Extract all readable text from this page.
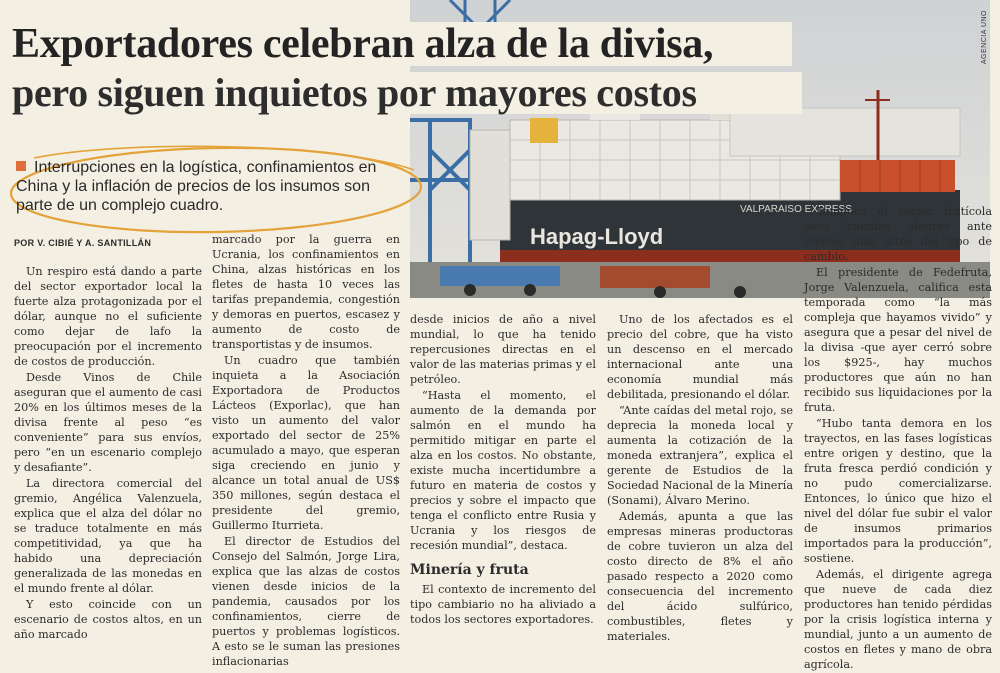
Hapag-Lloyd
VALPARAISO EXPRESS
AGENCIA UNO
Exportadores celebran alza de la divisa,
pero siguen inquietos por mayores costos
Interrupciones en la logística, confinamientos en China y la inflación de precios de los insumos son parte de un complejo cuadro.
POR V. CIBIÉ Y A. SANTILLÁN

Un respiro está dando a parte del sector exportador local la fuerte alza protagonizada por el dólar, aunque no el suficiente como dejar de lafo la preocupación por el incremento de costos de producción.

Desde Vinos de Chile aseguran que el aumento de casi 20% en los últimos meses de la divisa frente al peso “es conveniente” para sus envíos, pero “en un escenario complejo y desafiante”.

La directora comercial del gremio, Angélica Valenzuela, explica que el alza del dólar no se traduce totalmente en más competitividad, ya que ha habido una depreciación generalizada de las monedas en el mundo frente al dólar.

Y esto coincide con un escenario de costos altos, en un año marcado

marcado por la guerra en Ucrania, los confinamientos en China, alzas históricas en los fletes de hasta 10 veces las tarifas prepandemia, congestión y demoras en puertos, escasez y aumento de costo de transportistas y de insumos.

Un cuadro que también inquieta a la Asociación Exportadora de Productos Lácteos (Exporlac), que han visto un aumento del valor exportado del sector de 25% acumulado a mayo, que esperan siga creciendo en junio y alcance un total anual de US$ 350 millones, según destaca el presidente del gremio, Guillermo Iturrieta.

El director de Estudios del Consejo del Salmón, Jorge Lira, explica que las alzas de costos vienen desde inicios de la pandemia, causados por los confinamientos, cierre de puertos y problemas logísticos. A esto se le suman las presiones inflacionarias

desde inicios de año a nivel mundial, lo que ha tenido repercusiones directas en el valor de las materias primas y el petróleo.

“Hasta el momento, el aumento de la demanda por salmón en el mundo ha permitido mitigar en parte el alza en los costos. No obstante, existe mucha incertidumbre a futuro en materia de costos y precios y sobre el impacto que tenga el conflicto entre Rusia y Ucrania y los riesgos de recesión mundial”, destaca.

Minería y fruta

El contexto de incremento del tipo cambiario no ha aliviado a todos los sectores exportadores.

Uno de los afectados es el precio del cobre, que ha visto un descenso en el mercado internacional ante una economía mundial más debilitada, presionando el dólar.

“Ante caídas del metal rojo, se deprecia la moneda local y aumenta la cotización de la moneda extranjera”, explica el gerente de Estudios de la Sociedad Nacional de la Minería (Sonami), Álvaro Merino.

Además, apunta a que las empresas mineras productoras de cobre tuvieron un alza del costo directo de 8% el año pasado respecto a 2020 como consecuencia del incremento del ácido sulfúrico, combustibles, fletes y materiales.

Tampoco el sector frutícola saca cuentas alegres ante niveles más altos del tipo de cambio.

El presidente de Fedefruta, Jorge Valenzuela, califica esta temporada como “la más compleja que hayamos vivido” y asegura que a pesar del nivel de la divisa -que ayer cerró sobre los $925-, hay muchos productores que aún no han recibido sus liquidaciones por la fruta.

“Hubo tanta demora en los trayectos, en las fases logísticas entre origen y destino, que la fruta fresca perdió condición y no pudo comercializarse. Entonces, lo único que hizo el nivel del dólar fue subir el valor de insumos primarios importados para la producción”, sostiene.

Además, el dirigente agrega que nueve de cada diez productores han tenido pérdidas por la crisis logística interna y mundial, junto a un aumento de costos en fletes y mano de obra agrícola.
